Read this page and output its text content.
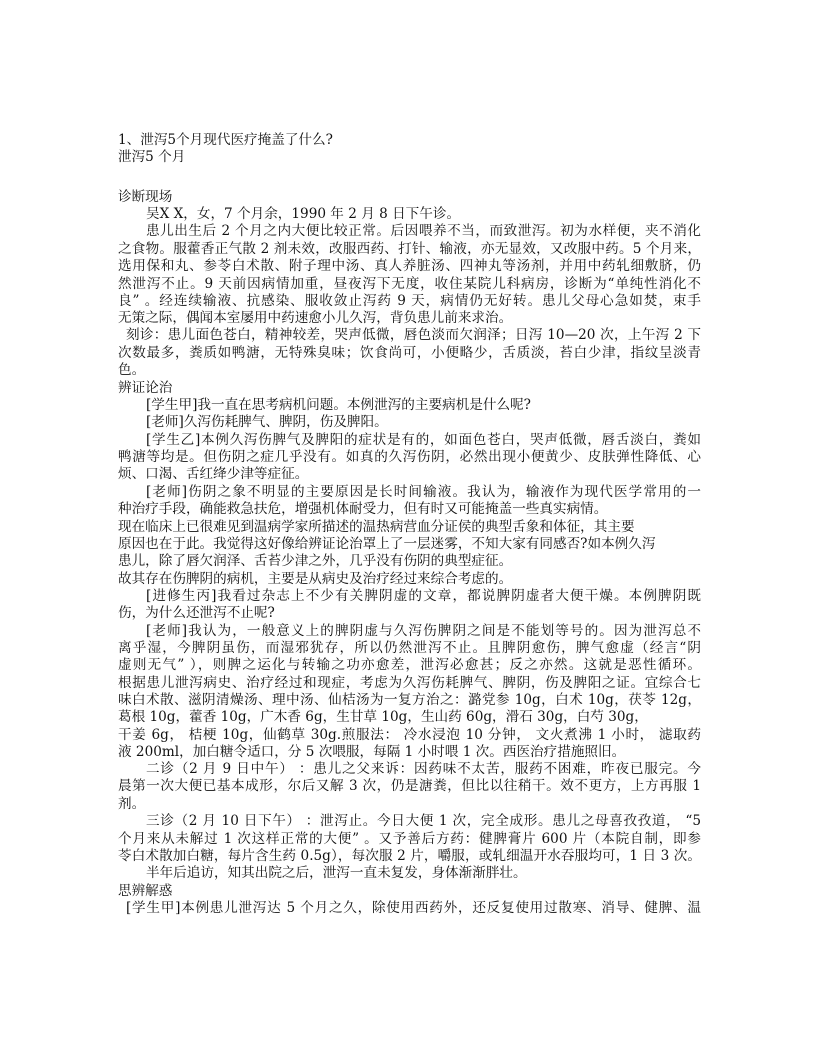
1、泄泻5个月现代医疗掩盖了什么?
泄泻5 个月
诊断现场
吴X X，女，7 个月余，1990 年 2 月 8 日下午诊。
患儿出生后 2 个月之内大便比较正常。后因喂养不当，而致泄泻。初为水样便，夹不消化
之食物。服藿香正气散 2 剂未效，改服西药、打针、输液，亦无显效，又改服中药。5 个月来，
选用保和丸、参苓白术散、附子理中汤、真人养脏汤、四神丸等汤剂，并用中药轧细敷脐，仍
然泄泻不止。9 天前因病情加重，昼夜泻下无度，收住某院儿科病房，诊断为“单纯性消化不
良” 。经连续输液、抗感染、服收敛止泻药 9 天，病情仍无好转。患儿父母心急如焚，束手
无策之际，偶闻本室屡用中药速愈小儿久泻，背负患儿前来求治。
刻诊：患儿面色苍白，精神较差，哭声低微，唇色淡而欠润泽；日泻 10—20 次，上午泻 2 下
次数最多，粪质如鸭溏，无特殊臭味；饮食尚可，小便略少，舌质淡，苔白少津，指纹呈淡青
色。
辨证论治
[学生甲]我一直在思考病机问题。本例泄泻的主要病机是什么呢?
[老师]久泻伤耗脾气、脾阴，伤及脾阳。
[学生乙]本例久泻伤脾气及脾阳的症状是有的，如面色苍白，哭声低微，唇舌淡白，粪如
鸭溏等均是。但伤阴之症几乎没有。如真的久泻伤阴，必然出现小便黄少、皮肤弹性降低、心
烦、口渴、舌红绛少津等症征。
[老师]伤阴之象不明显的主要原因是长时间输液。我认为，输液作为现代医学常用的一
种治疗手段，确能救急扶危，增强机体耐受力，但有时又可能掩盖一些真实病情。
现在临床上已很难见到温病学家所描述的温热病营血分证侯的典型舌象和体征，其主要
原因也在于此。我觉得这好像给辨证论治罩上了一层迷雾，不知大家有同感否?如本例久泻
患儿，除了唇欠润泽、舌苔少津之外，几乎没有伤阴的典型症征。
故其存在伤脾阴的病机，主要是从病史及治疗经过来综合考虑的。
[进修生丙]我看过杂志上不少有关脾阴虚的文章，都说脾阴虚者大便干燥。本例脾阴既
伤，为什么还泄泻不止呢?
[老师]我认为，一般意义上的脾阴虚与久泻伤脾阴之间是不能划等号的。因为泄泻总不
离乎湿，今脾阴虽伤，而湿邪犹存，所以仍然泄泻不止。且脾阴愈伤，脾气愈虚（经言“阴
虚则无气” ），则脾之运化与转输之功亦愈差，泄泻必愈甚；反之亦然。这就是恶性循环。
根据患儿泄泻病史、治疗经过和现症，考虑为久泻伤耗脾气、脾阴，伤及脾阳之证。宜综合七
味白术散、滋阴清燥汤、理中汤、仙桔汤为一复方治之：潞党参 10g，白术 10g，茯苓 12g，
葛根 10g，藿香 10g，广木香 6g，生甘草 10g，生山药 60g，滑石 30g，白芍 30g，
干姜 6g， 桔梗 10g，仙鹤草 30g.煎服法： 冷水浸泡 10 分钟， 文火煮沸 1 小时， 滤取药
液 200ml，加白糖令适口，分 5 次喂服，每隔 1 小时喂 1 次。西医治疗措施照旧。
二诊（2 月 9 日中午） ：患儿之父来诉：因药味不太苦，服药不困难，昨夜已服完。今
晨第一次大便已基本成形，尔后又解 3 次，仍是溏粪，但比以往稍干。效不更方，上方再服 1
剂。
三诊（2 月 10 日下午） ：泄泻止。今日大便 1 次，完全成形。患儿之母喜孜孜道， “5
个月来从未解过 1 次这样正常的大便” 。又予善后方药：健脾膏片 600 片（本院自制，即参
苓白术散加白糖，每片含生药 0.5g），每次服 2 片，嚼服，或轧细温开水吞服均可，1 日 3 次。
半年后追访，知其出院之后，泄泻一直未复发，身体渐渐胖壮。
思辨解惑
[学生甲]本例患儿泄泻达 5 个月之久，除使用西药外，还反复使用过散寒、消导、健脾、温
